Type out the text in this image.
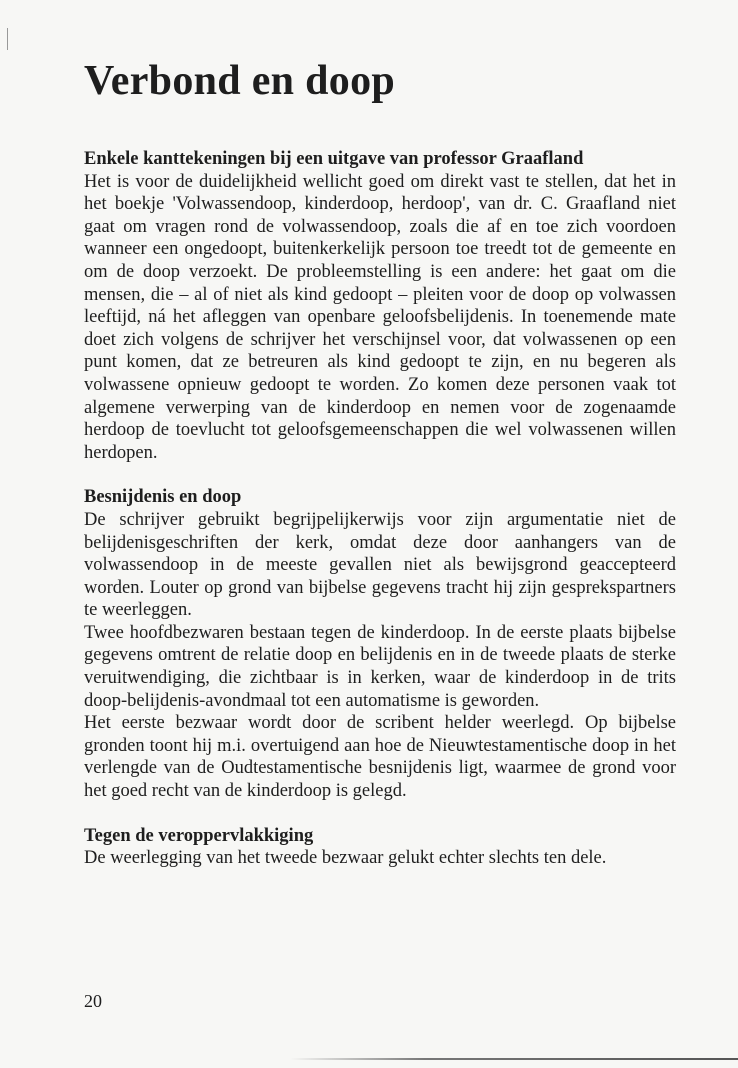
Verbond en doop

Enkele kanttekeningen bij een uitgave van professor Graafland

Het is voor de duidelijkheid wellicht goed om direkt vast te stellen, dat het in het boekje 'Volwassendoop, kinderdoop, herdoop', van dr. C. Graafland niet gaat om vragen rond de volwassendoop, zoals die af en toe zich voordoen wanneer een ongedoopt, buitenkerkelijk persoon toe treedt tot de gemeente en om de doop verzoekt. De probleemstelling is een andere: het gaat om die mensen, die – al of niet als kind gedoopt – pleiten voor de doop op volwassen leeftijd, ná het afleggen van openbare geloofsbelijdenis. In toenemende mate doet zich volgens de schrijver het verschijnsel voor, dat volwassenen op een punt komen, dat ze betreuren als kind gedoopt te zijn, en nu begeren als volwassene opnieuw gedoopt te worden. Zo komen deze personen vaak tot algemene verwerping van de kinderdoop en nemen voor de zogenaamde herdoop de toevlucht tot geloofsgemeenschappen die wel volwassenen willen herdopen.

Besnijdenis en doop

De schrijver gebruikt begrijpelijkerwijs voor zijn argumentatie niet de belijdenisgeschriften der kerk, omdat deze door aanhangers van de volwassendoop in de meeste gevallen niet als bewijsgrond geaccepteerd worden. Louter op grond van bijbelse gegevens tracht hij zijn gesprekspartners te weerleggen.

Twee hoofdbezwaren bestaan tegen de kinderdoop. In de eerste plaats bijbelse gegevens omtrent de relatie doop en belijdenis en in de tweede plaats de sterke veruitwendiging, die zichtbaar is in kerken, waar de kinderdoop in de trits doop-belijdenis-avondmaal tot een automatisme is geworden.

Het eerste bezwaar wordt door de scribent helder weerlegd. Op bijbelse gronden toont hij m.i. overtuigend aan hoe de Nieuwtestamentische doop in het verlengde van de Oudtestamentische besnijdenis ligt, waarmee de grond voor het goed recht van de kinderdoop is gelegd.

Tegen de veroppervlakkiging

De weerlegging van het tweede bezwaar gelukt echter slechts ten dele.

20
